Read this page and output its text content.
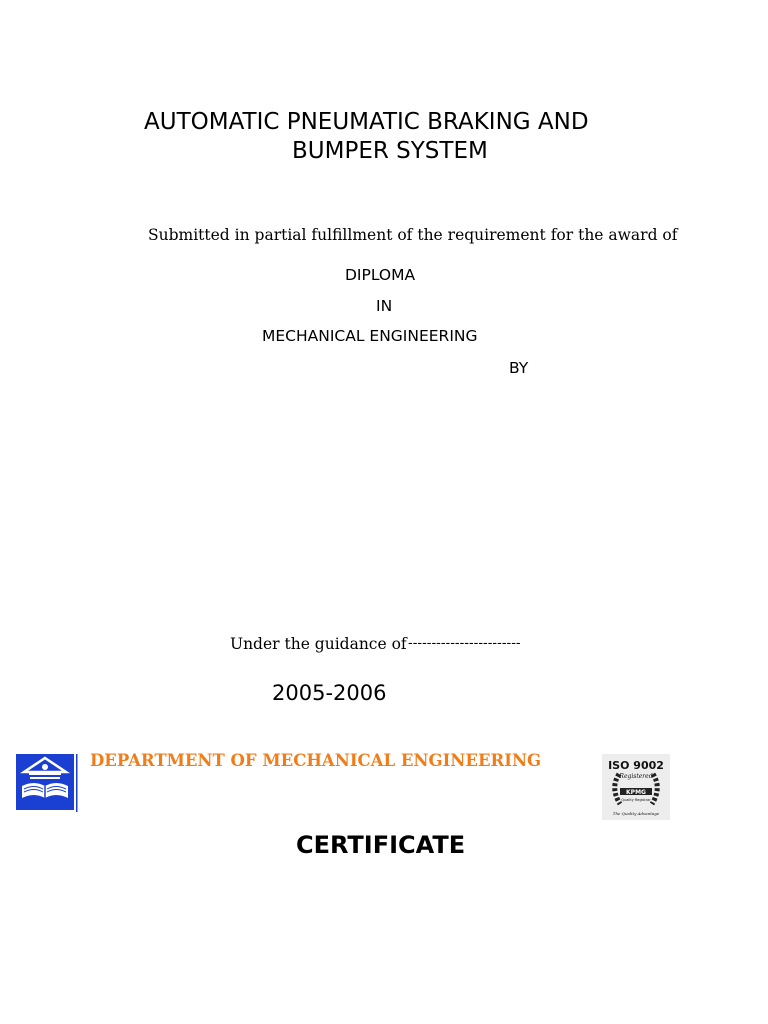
AUTOMATIC PNEUMATIC BRAKING AND
BUMPER SYSTEM
Submitted in partial fulfillment of the requirement for the award of
DIPLOMA
IN
MECHANICAL ENGINEERING
BY
Under the guidance of ------------------------
2005-2006
DEPARTMENT OF MECHANICAL ENGINEERING	ISO 9002
Registered
KPMG
Quality Registrar
The Quality Advantage
CERTIFICATE
